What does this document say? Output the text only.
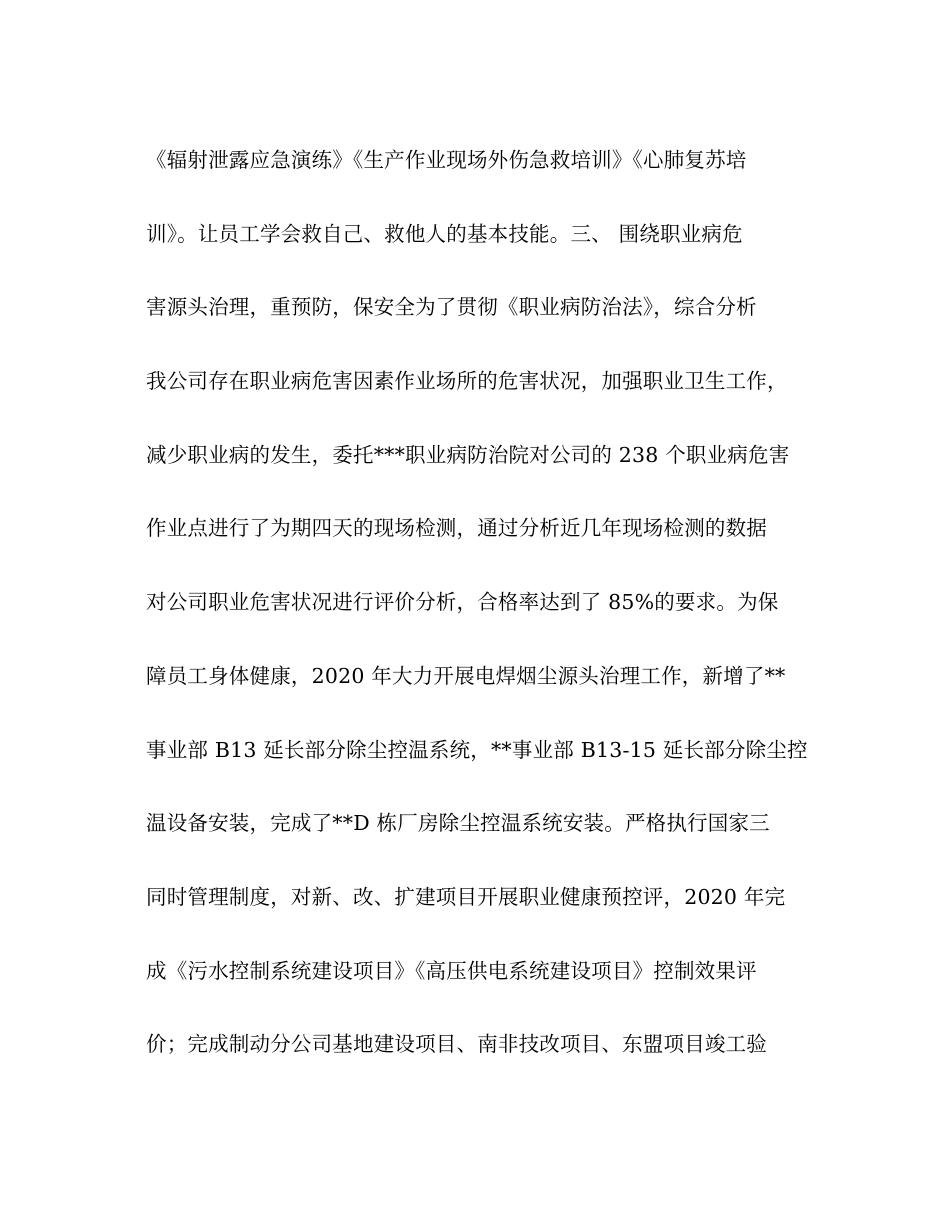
《辐射泄露应急演练》《生产作业现场外伤急救培训》《心肺复苏培
训》。让员工学会救自己、救他人的基本技能。三、 围绕职业病危
害源头治理，重预防，保安全为了贯彻《职业病防治法》，综合分析
我公司存在职业病危害因素作业场所的危害状况，加强职业卫生工作，
减少职业病的发生，委托***职业病防治院对公司的 238 个职业病危害
作业点进行了为期四天的现场检测，通过分析近几年现场检测的数据
对公司职业危害状况进行评价分析，合格率达到了 85%的要求。为保
障员工身体健康，2020 年大力开展电焊烟尘源头治理工作，新增了**
事业部 B13 延长部分除尘控温系统，**事业部 B13-15 延长部分除尘控
温设备安装，完成了**D 栋厂房除尘控温系统安装。严格执行国家三
同时管理制度，对新、改、扩建项目开展职业健康预控评，2020 年完
成《污水控制系统建设项目》《高压供电系统建设项目》控制效果评
价；完成制动分公司基地建设项目、南非技改项目、东盟项目竣工验
